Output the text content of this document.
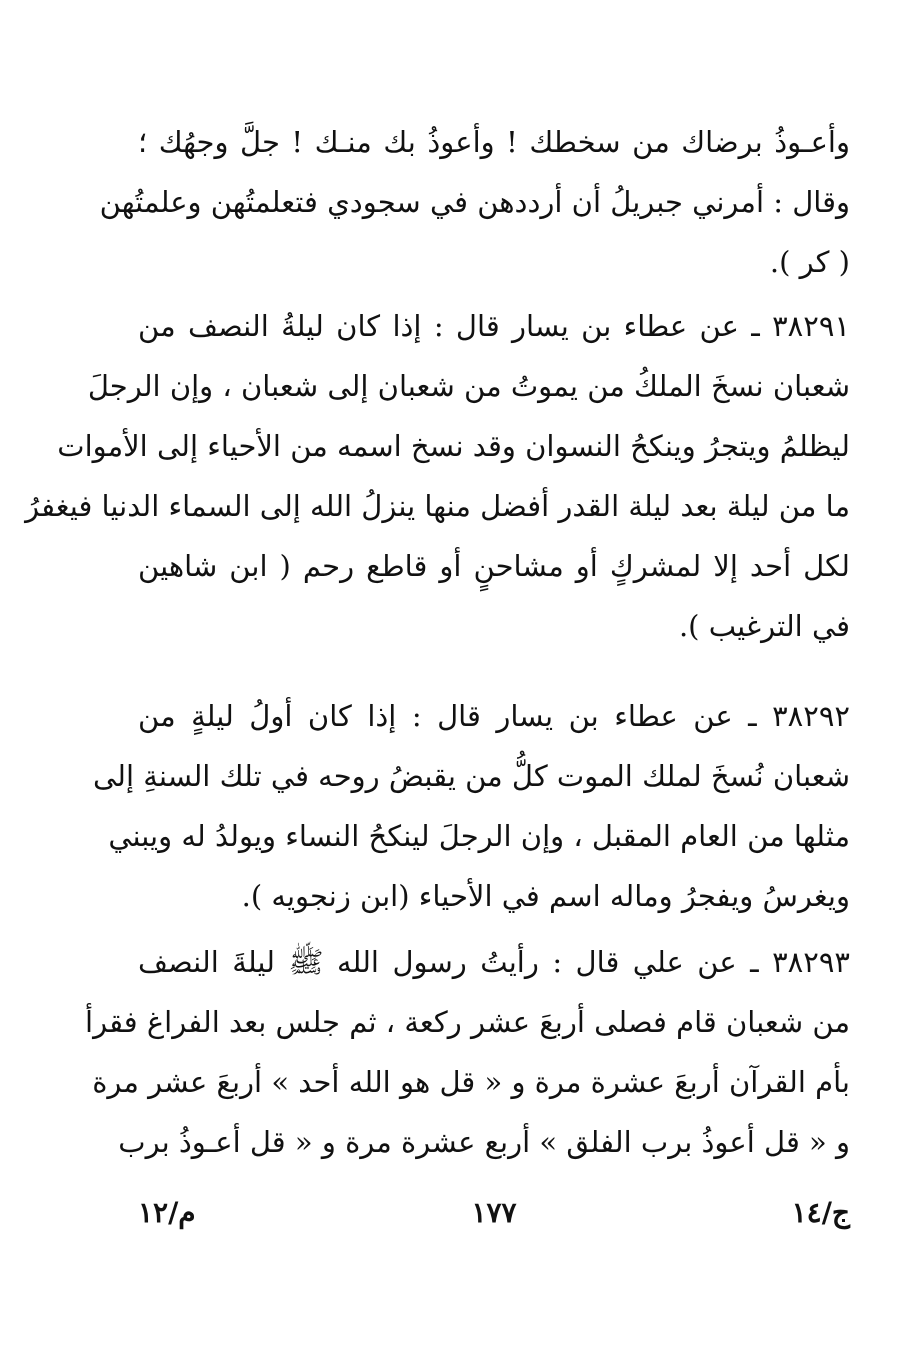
وأعـوذُ برضاك من سخطك ! وأعوذُ بك منـك ! جلَّ وجهُك ؛
وقال : أمرني جبريلُ أن أرددهن في سجودي فتعلمتُهن وعلمتُهن
( كر ).
٣٨٢٩١ ـ عن عطاء بن يسار قال : إذا كان ليلةُ النصف من
شعبان نسخَ الملكُ من يموتُ من شعبان إلى شعبان ، وإن الرجلَ
ليظلمُ ويتجرُ وينكحُ النسوان وقد نسخ اسمه من الأحياء إلى الأموات
ما من ليلة بعد ليلة القدر أفضل منها ينزلُ الله إلى السماء الدنيا فيغفرُ
لكل أحد إلا لمشركٍ أو مشاحنٍ أو قاطع رحم ( ابن شاهين
في الترغيب ).
٣٨٢٩٢ ـ عن عطاء بن يسار قال : إذا كان أولُ ليلةٍ من
شعبان نُسخَ لملك الموت كلُّ من يقبضُ روحه في تلك السنةِ إلى
مثلها من العام المقبل ، وإن الرجلَ لينكحُ النساء ويولدُ له ويبني
ويغرسُ ويفجرُ وماله اسم في الأحياء (ابن زنجويه ).
٣٨٢٩٣ ـ عن علي قال : رأيتُ رسول الله ﷺ ليلةَ النصف
من شعبان قام فصلى أربعَ عشر ركعة ، ثم جلس بعد الفراغ فقرأ
بأم القرآن أربعَ عشرة مرة و « قل هو الله أحد » أربعَ عشر مرة
و « قل أعوذُ برب الفلق » أربع عشرة مرة و « قل أعـوذُ برب
ج/١٤
١٧٧
م/١٢
